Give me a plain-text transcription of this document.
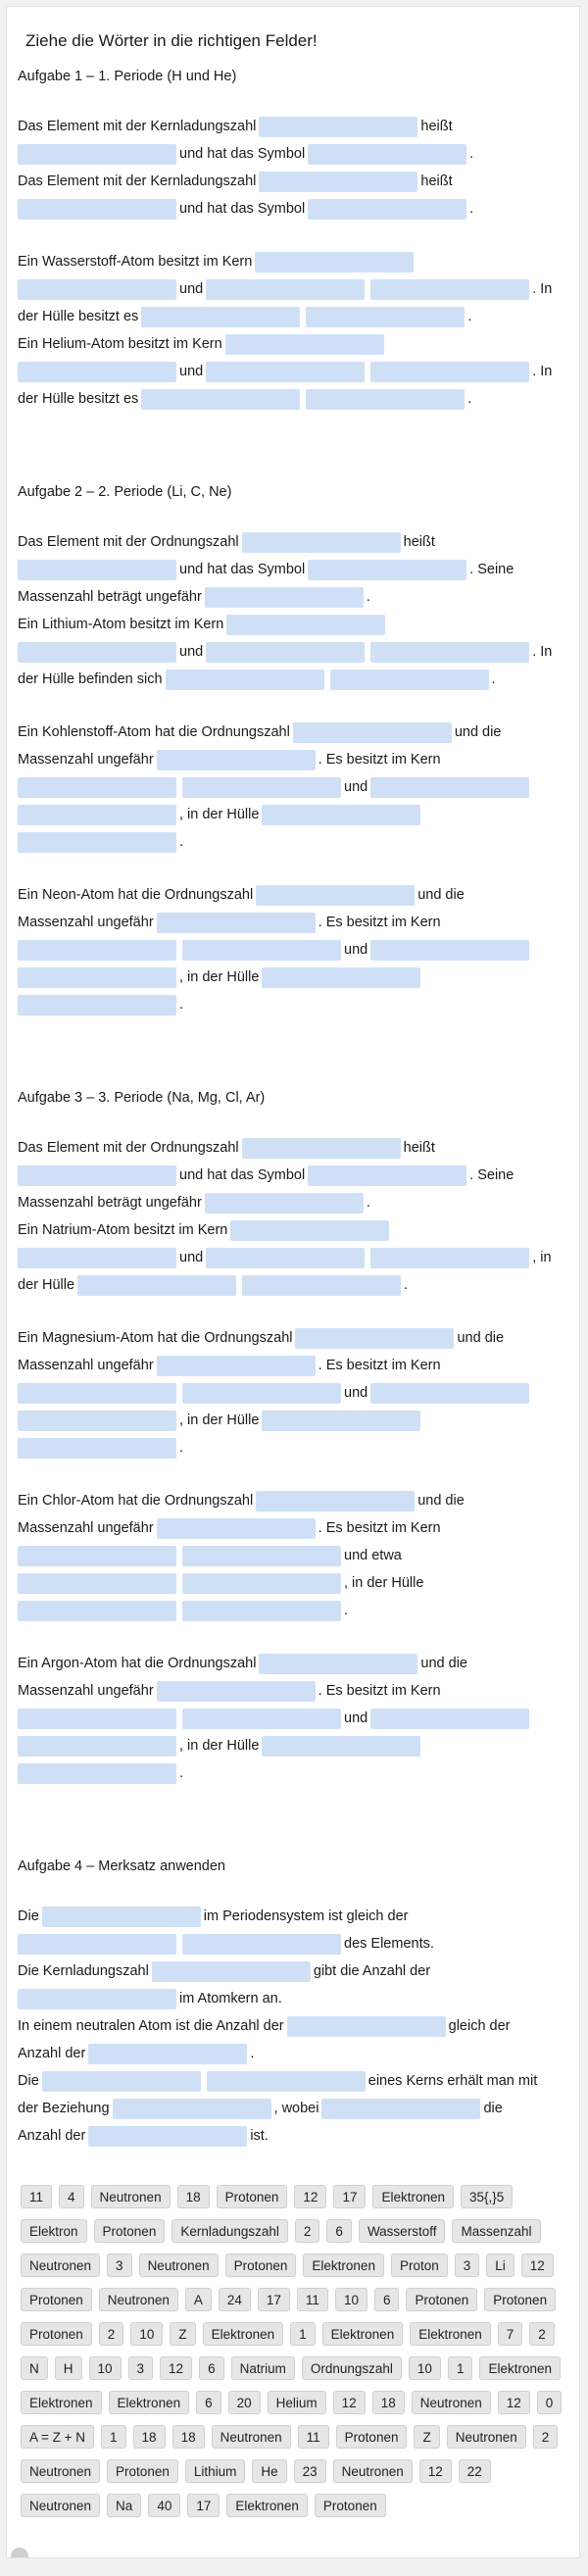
Ziehe die Wörter in die richtigen Felder!
Aufgabe 1 – 1. Periode (H und He)
Das Element mit der Kernladungszahl	heißt
und hat das Symbol	.
Das Element mit der Kernladungszahl	heißt
und hat das Symbol	.
Ein Wasserstoff-Atom besitzt im Kern
und	. In
der Hülle besitzt es	.
Ein Helium-Atom besitzt im Kern
und	. In
der Hülle besitzt es	.
Aufgabe 2 – 2. Periode (Li, C, Ne)
Das Element mit der Ordnungszahl	heißt
und hat das Symbol	. Seine
Massenzahl beträgt ungefähr	.
Ein Lithium-Atom besitzt im Kern
und	. In
der Hülle befinden sich	.
Ein Kohlenstoff-Atom hat die Ordnungszahl	und die
Massenzahl ungefähr	. Es besitzt im Kern
und
, in der Hülle
.
Ein Neon-Atom hat die Ordnungszahl	und die
Massenzahl ungefähr	. Es besitzt im Kern
und
, in der Hülle
.
Aufgabe 3 – 3. Periode (Na, Mg, Cl, Ar)
Das Element mit der Ordnungszahl	heißt
und hat das Symbol	. Seine
Massenzahl beträgt ungefähr	.
Ein Natrium-Atom besitzt im Kern
und	, in
der Hülle	.
Ein Magnesium-Atom hat die Ordnungszahl	und die
Massenzahl ungefähr	. Es besitzt im Kern
und
, in der Hülle
.
Ein Chlor-Atom hat die Ordnungszahl	und die
Massenzahl ungefähr	. Es besitzt im Kern
und etwa
, in der Hülle
.
Ein Argon-Atom hat die Ordnungszahl	und die
Massenzahl ungefähr	. Es besitzt im Kern
und
, in der Hülle
.
Aufgabe 4 – Merksatz anwenden
Die	im Periodensystem ist gleich der
des Elements.
Die Kernladungszahl	gibt die Anzahl der
im Atomkern an.
In einem neutralen Atom ist die Anzahl der	gleich der
Anzahl der	.
Die	eines Kerns erhält man mit
der Beziehung	, wobei	die
Anzahl der	ist.
11	4	Neutronen	18	Protonen	12	17	Elektronen	35{,}5
Elektron	Protonen	Kernladungszahl	2	6	Wasserstoff	Massenzahl
Neutronen	3	Neutronen	Protonen	Elektronen	Proton	3	Li	12
Protonen	Neutronen	A	24	17	11	10	6	Protonen	Protonen
Protonen	2	10	Z	Elektronen	1	Elektronen	Elektronen	7	2
N	H	10	3	12	6	Natrium	Ordnungszahl	10	1	Elektronen
Elektronen	Elektronen	6	20	Helium	12	18	Neutronen	12	0
A = Z + N	1	18	18	Neutronen	11	Protonen	Z	Neutronen	2
Neutronen	Protonen	Lithium	He	23	Neutronen	12	22
Neutronen	Na	40	17	Elektronen	Protonen
